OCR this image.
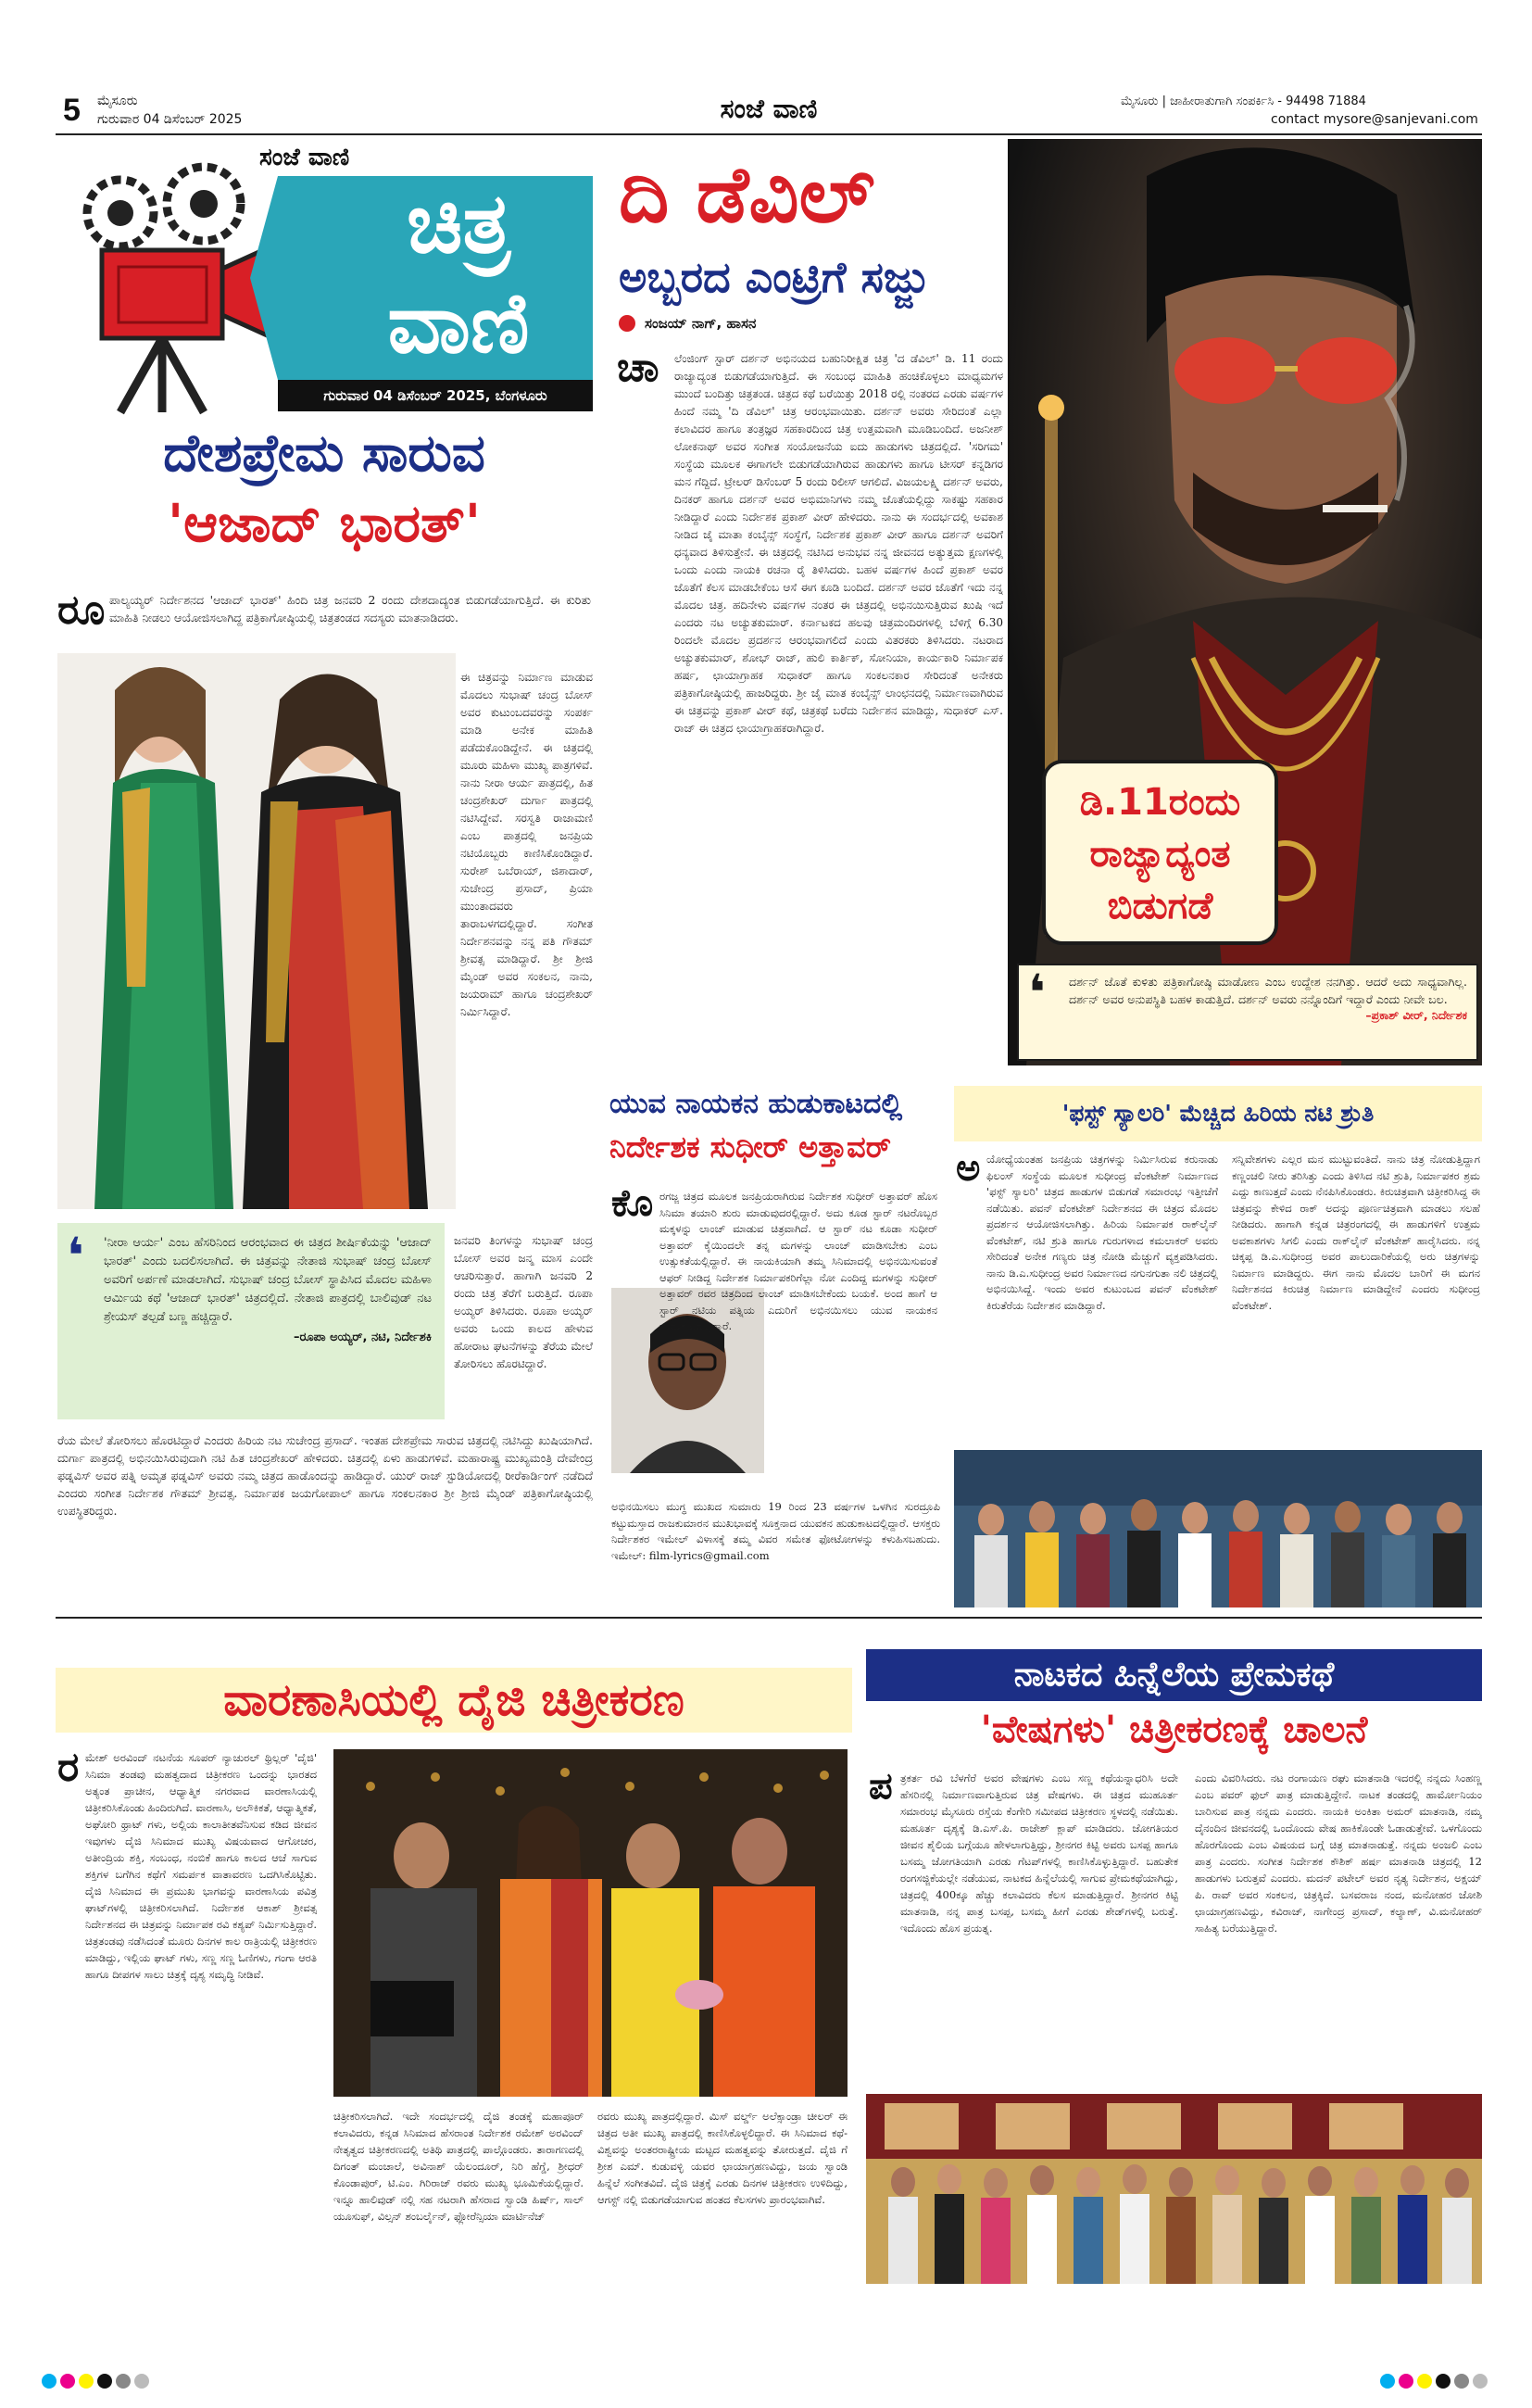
5 ಮೈಸೂರು
ಗುರುವಾರ 04 ಡಿಸೆಂಬರ್ 2025	ಸಂಜೆ ವಾಣಿ	ಮೈಸೂರು | ಜಾಹೀರಾತುಗಾಗಿ ಸಂಪರ್ಕಿಸಿ - 94498 71884
contact mysore@sanjevani.com
ಸಂಜೆ ವಾಣಿ
ಚಿತ್ರ
ವಾಣಿ
ಗುರುವಾರ 04 ಡಿಸೆಂಬರ್ 2025, ಬೆಂಗಳೂರು
ದೇಶಪ್ರೇಮ ಸಾರುವ
'ಆಜಾದ್ ಭಾರತ್'
ರೂ ಪಾಲ್ಯಯ್ಯರ್ ನಿರ್ದೇಶನದ 'ಆಜಾದ್ ಭಾರತ್' ಹಿಂದಿ ಚಿತ್ರ ಜನವರಿ 2 ರಂದು ದೇಶದಾದ್ಯಂತ ಬಿಡುಗಡೆಯಾಗುತ್ತಿದೆ. ಈ ಕುರಿತು ಮಾಹಿತಿ ನೀಡಲು ಆಯೋಜಿಸಲಾಗಿದ್ದ ಪತ್ರಿಕಾಗೋಷ್ಠಿಯಲ್ಲಿ ಚಿತ್ರತಂಡದ ಸದಸ್ಯರು ಮಾತನಾಡಿದರು.
ಈ ಚಿತ್ರವನ್ನು ನಿರ್ಮಾಣ ಮಾಡುವ ಮೊದಲು ಸುಭಾಷ್ ಚಂದ್ರ ಬೋಸ್ ಅವರ ಕುಟುಂಬದವರನ್ನು ಸಂಪರ್ಕ ಮಾಡಿ ಅನೇಕ ಮಾಹಿತಿ ಪಡೆದುಕೊಂಡಿದ್ದೇನೆ. ಈ ಚಿತ್ರದಲ್ಲಿ ಮೂರು ಮಹಿಳಾ ಮುಖ್ಯ ಪಾತ್ರಗಳಿವೆ. ನಾನು ನೀರಾ ಆರ್ಯ ಪಾತ್ರದಲ್ಲಿ, ಹಿತ ಚಂದ್ರಶೇಖರ್ ದುರ್ಗಾ ಪಾತ್ರದಲ್ಲಿ ನಟಿಸಿದ್ದೇವೆ. ಸರಸ್ವತಿ ರಾಜಾಮಣಿ ಎಂಬ ಪಾತ್ರದಲ್ಲಿ ಜನಪ್ರಿಯ ನಟಿಯೊಬ್ಬರು ಕಾಣಿಸಿಕೊಂಡಿದ್ದಾರೆ. ಸುರೇಶ್ ಒಬೆರಾಯ್, ಜಿಶಾದಾರ್, ಸುಚೇಂದ್ರ ಪ್ರಸಾದ್, ಪ್ರಿಯಾ ಮುಂತಾದವರು ತಾರಾಬಳಗದಲ್ಲಿದ್ದಾರೆ. ಸಂಗೀತ ನಿರ್ದೇಶನವನ್ನು ನನ್ನ ಪತಿ ಗೌತಮ್ ಶ್ರೀವತ್ಸ ಮಾಡಿದ್ದಾರೆ. ಶ್ರೀ ಶ್ರೀಜಿ ಮೈಂಡ್ ಅವರ ಸಂಕಲನ, ನಾನು, ಜಯರಾಮ್ ಹಾಗೂ ಚಂದ್ರಶೇಖರ್ ನಿರ್ಮಿಸಿದ್ದಾರೆ.
❛ 'ನೀರಾ ಆರ್ಯ' ಎಂಬ ಹೆಸರಿನಿಂದ ಆರಂಭವಾದ ಈ ಚಿತ್ರದ ಶೀರ್ಷಿಕೆಯನ್ನು 'ಆಜಾದ್ ಭಾರತ್' ಎಂದು ಬದಲಿಸಲಾಗಿದೆ. ಈ ಚಿತ್ರವನ್ನು ನೇತಾಜಿ ಸುಭಾಷ್ ಚಂದ್ರ ಬೋಸ್ ಅವರಿಗೆ ಅರ್ಪಣೆ ಮಾಡಲಾಗಿದೆ. ಸುಭಾಷ್ ಚಂದ್ರ ಬೋಸ್ ಸ್ಥಾಪಿಸಿದ ಮೊದಲ ಮಹಿಳಾ ಆರ್ಮಿಯ ಕಥೆ 'ಆಜಾದ್ ಭಾರತ್' ಚಿತ್ರದಲ್ಲಿದೆ. ನೇತಾಜಿ ಪಾತ್ರದಲ್ಲಿ ಬಾಲಿವುಡ್ ನಟ ಶ್ರೇಯಸ್ ತಲ್ಪಡೆ ಬಣ್ಣ ಹಚ್ಚಿದ್ದಾರೆ.
–ರೂಪಾ ಅಯ್ಯರ್, ನಟಿ, ನಿರ್ದೇಶಕಿ
ಜನವರಿ ತಿಂಗಳನ್ನು ಸುಭಾಷ್ ಚಂದ್ರ ಬೋಸ್ ಅವರ ಜನ್ಮ ಮಾಸ ಎಂದೇ ಆಚರಿಸುತ್ತಾರೆ. ಹಾಗಾಗಿ ಜನವರಿ 2 ರಂದು ಚಿತ್ರ ತೆರೆಗೆ ಬರುತ್ತಿದೆ. ರೂಪಾ ಅಯ್ಯರ್ ತಿಳಿಸಿದರು. ರೂಪಾ ಅಯ್ಯರ್ ಅವರು ಒಂದು ಕಾಲದ ಹೇಳುವ ಹೋರಾಟ ಘಟನೆಗಳನ್ನು ತೆರೆಯ ಮೇಲೆ ತೋರಿಸಲು ಹೊರಟಿದ್ದಾರೆ.
ರೆಯ ಮೇಲೆ ತೋರಿಸಲು ಹೊರಟಿದ್ದಾರೆ ಎಂದರು ಹಿರಿಯ ನಟ ಸುಚೇಂದ್ರ ಪ್ರಸಾದ್. ಇಂತಹ ದೇಶಪ್ರೇಮ ಸಾರುವ ಚಿತ್ರದಲ್ಲಿ ನಟಿಸಿದ್ದು ಖುಷಿಯಾಗಿದೆ. ದುರ್ಗಾ ಪಾತ್ರದಲ್ಲಿ ಅಭಿನಯಿಸಿರುವುದಾಗಿ ನಟಿ ಹಿತ ಚಂದ್ರಶೇಖರ್ ಹೇಳಿದರು. ಚಿತ್ರದಲ್ಲಿ ಏಳು ಹಾಡುಗಳಿವೆ. ಮಹಾರಾಷ್ಟ್ರ ಮುಖ್ಯಮಂತ್ರಿ ದೇವೇಂದ್ರ ಫಡ್ನವಿಸ್ ಅವರ ಪತ್ನಿ ಅಮೃತ ಫಡ್ನವಿಸ್ ಅವರು ನಮ್ಮ ಚಿತ್ರದ ಹಾಡೊಂದನ್ನು ಹಾಡಿದ್ದಾರೆ. ಯುರ್ ರಾಜ್ ಸ್ಟುಡಿಯೋದಲ್ಲಿ ರೀರೆಕಾರ್ಡಿಂಗ್ ನಡೆದಿದೆ ಎಂದರು ಸಂಗೀತ ನಿರ್ದೇಶಕ ಗೌತಮ್ ಶ್ರೀವತ್ಸ. ನಿರ್ಮಾಪಕ ಜಯಗೋಪಾಲ್ ಹಾಗೂ ಸಂಕಲನಕಾರ ಶ್ರೀ ಶ್ರೀಜಿ ಮೈಂಡ್ ಪತ್ರಿಕಾಗೋಷ್ಠಿಯಲ್ಲಿ ಉಪಸ್ಥಿತರಿದ್ದರು.
ದಿ ಡೆವಿಲ್
ಅಬ್ಬರದ ಎಂಟ್ರಿಗೆ ಸಜ್ಜು
ಸಂಜಯ್ ನಾಗ್, ಹಾಸನ
ಚಾ ಲೆಂಜಿಂಗ್ ಸ್ಟಾರ್ ದರ್ಶನ್ ಅಭಿನಯದ ಬಹುನಿರೀಕ್ಷಿತ ಚಿತ್ರ 'ದ ಡೆವಿಲ್' ಡಿ. 11 ರಂದು ರಾಜ್ಯಾದ್ಯಂತ ಬಿಡುಗಡೆಯಾಗುತ್ತಿದೆ. ಈ ಸಂಬಂಧ ಮಾಹಿತಿ ಹಂಚಿಕೊಳ್ಳಲು ಮಾಧ್ಯಮಗಳ ಮುಂದೆ ಬಂದಿತ್ತು ಚಿತ್ರತಂಡ. ಚಿತ್ರದ ಕಥೆ ಬರೆಯಿತ್ತು 2018 ರಲ್ಲಿ ನಂತರದ ಎರಡು ವರ್ಷಗಳ ಹಿಂದೆ ನಮ್ಮ 'ದಿ ಡೆವಿಲ್' ಚಿತ್ರ ಆರಂಭವಾಯಿತು. ದರ್ಶನ್ ಅವರು ಸೇರಿದಂತೆ ಎಲ್ಲಾ ಕಲಾವಿದರ ಹಾಗೂ ತಂತ್ರಜ್ಞರ ಸಹಕಾರದಿಂದ ಚಿತ್ರ ಉತ್ತಮವಾಗಿ ಮೂಡಿಬಂದಿದೆ. ಅಜನೀಶ್ ಲೋಕನಾಥ್ ಅವರ ಸಂಗೀತ ಸಂಯೋಜನೆಯ ಐದು ಹಾಡುಗಳು ಚಿತ್ರದಲ್ಲಿದೆ. 'ಸರಿಗಮ' ಸಂಸ್ಥೆಯ ಮೂಲಕ ಈಗಾಗಲೇ ಬಿಡುಗಡೆಯಾಗಿರುವ ಹಾಡುಗಳು ಹಾಗೂ ಟೀಸರ್ ಕನ್ನಡಿಗರ ಮನ ಗೆದ್ದಿದೆ. ಟ್ರೇಲರ್ ಡಿಸೆಂಬರ್ 5 ರಂದು ರಿಲೀಸ್ ಆಗಲಿದೆ. ವಿಜಯಲಕ್ಷ್ಮಿ ದರ್ಶನ್ ಅವರು, ದಿನಕರ್ ಹಾಗೂ ದರ್ಶನ್ ಅವರ ಅಭಿಮಾನಿಗಳು ನಮ್ಮ ಜೊತೆಯಲ್ಲಿದ್ದು ಸಾಕಷ್ಟು ಸಹಕಾರ ನೀಡಿದ್ದಾರೆ ಎಂದು ನಿರ್ದೇಶಕ ಪ್ರಕಾಶ್ ವೀರ್ ಹೇಳಿದರು. ನಾನು ಈ ಸಂದರ್ಭದಲ್ಲಿ ಅವಕಾಶ ನೀಡಿದ ಜೈ ಮಾತಾ ಕಂಬೈನ್ಸ್ ಸಂಸ್ಥೆಗೆ, ನಿರ್ದೇಶಕ ಪ್ರಕಾಶ್ ವೀರ್ ಹಾಗೂ ದರ್ಶನ್ ಅವರಿಗೆ ಧನ್ಯವಾದ ತಿಳಿಸುತ್ತೇನೆ. ಈ ಚಿತ್ರದಲ್ಲಿ ನಟಿಸಿದ ಅನುಭವ ನನ್ನ ಜೀವನದ ಅತ್ಯುತ್ತಮ ಕ್ಷಣಗಳಲ್ಲಿ ಒಂದು ಎಂದು ನಾಯಕಿ ರಚನಾ ರೈ ತಿಳಿಸಿದರು. ಬಹಳ ವರ್ಷಗಳ ಹಿಂದೆ ಪ್ರಕಾಶ್ ಅವರ ಜೊತೆಗೆ ಕೆಲಸ ಮಾಡಬೇಕೆಂಬ ಆಸೆ ಈಗ ಕೂಡಿ ಬಂದಿದೆ. ದರ್ಶನ್ ಅವರ ಜೊತೆಗೆ ಇದು ನನ್ನ ಮೊದಲ ಚಿತ್ರ. ಹದಿನೇಳು ವರ್ಷಗಳ ನಂತರ ಈ ಚಿತ್ರದಲ್ಲಿ ಅಭಿನಯಿಸುತ್ತಿರುವ ಖುಷಿ ಇದೆ ಎಂದರು ನಟ ಅಚ್ಯುತಕುಮಾರ್. ಕರ್ನಾಟಕದ ಹಲವು ಚಿತ್ರಮಂದಿರಗಳಲ್ಲಿ ಬೆಳಿಗ್ಗೆ 6.30 ರಿಂದಲೇ ಮೊದಲ ಪ್ರದರ್ಶನ ಆರಂಭವಾಗಲಿದೆ ಎಂದು ವಿತರಕರು ತಿಳಿಸಿದರು. ನಟರಾದ ಅಚ್ಯುತಕುಮಾರ್, ಶೋಭ್ ರಾಜ್, ಹುಲಿ ಕಾರ್ತಿಕ್, ಸೋನಿಯಾ, ಕಾರ್ಯಕಾರಿ ನಿರ್ಮಾಪಕ ಹರ್ಷ, ಛಾಯಾಗ್ರಾಹಕ ಸುಧಾಕರ್ ಹಾಗೂ ಸಂಕಲನಕಾರ ಸೇರಿದಂತೆ ಅನೇಕರು ಪತ್ರಿಕಾಗೋಷ್ಠಿಯಲ್ಲಿ ಹಾಜರಿದ್ದರು. ಶ್ರೀ ಜೈ ಮಾತ ಕಂಬೈನ್ಸ್ ಲಾಂಛನದಲ್ಲಿ ನಿರ್ಮಾಣವಾಗಿರುವ ಈ ಚಿತ್ರವನ್ನು ಪ್ರಕಾಶ್ ವೀರ್ ಕಥೆ, ಚಿತ್ರಕಥೆ ಬರೆದು ನಿರ್ದೇಶನ ಮಾಡಿದ್ದು, ಸುಧಾಕರ್ ಎಸ್. ರಾಜ್ ಈ ಚಿತ್ರದ ಛಾಯಾಗ್ರಾಹಕರಾಗಿದ್ದಾರೆ.
ಡಿ.11ರಂದು
ರಾಜ್ಯಾದ್ಯಂತ
ಬಿಡುಗಡೆ
❛ ದರ್ಶನ್ ಜೊತೆ ಕುಳಿತು ಪತ್ರಿಕಾಗೋಷ್ಠಿ ಮಾಡೋಣ ಎಂಬ ಉದ್ದೇಶ ನನಗಿತ್ತು. ಆದರೆ ಅದು ಸಾಧ್ಯವಾಗಿಲ್ಲ. ದರ್ಶನ್ ಅವರ ಅನುಪಸ್ಥಿತಿ ಬಹಳ ಕಾಡುತ್ತಿದೆ. ದರ್ಶನ್ ಅವರು ನನ್ನೊಂದಿಗೆ ಇದ್ದಾರೆ ಎಂದು ನೀವೇ ಬಲ.
–ಪ್ರಕಾಶ್ ವೀರ್, ನಿರ್ದೇಶಕ
ಯುವ ನಾಯಕನ ಹುಡುಕಾಟದಲ್ಲಿ
ನಿರ್ದೇಶಕ ಸುಧೀರ್ ಅತ್ತಾವರ್
ಕೊ ರಗಜ್ಜ ಚಿತ್ರದ ಮೂಲಕ ಜನಪ್ರಿಯರಾಗಿರುವ ನಿರ್ದೇಶಕ ಸುಧೀರ್ ಅತ್ತಾವರ್ ಹೊಸ ಸಿನಿಮಾ ತಯಾರಿ ಶುರು ಮಾಡುವುದರಲ್ಲಿದ್ದಾರೆ. ಅದು ಕೂಡ ಸ್ಟಾರ್ ನಟರೊಬ್ಬರ ಮಕ್ಕಳನ್ನು ಲಾಂಚ್ ಮಾಡುವ ಚಿತ್ರವಾಗಿದೆ. ಆ ಸ್ಟಾರ್ ನಟ ಕೂಡಾ ಸುಧೀರ್ ಅತ್ತಾವರ್ ಕೈಯಿಂದಲೇ ತನ್ನ ಮಗಳನ್ನು ಲಾಂಚ್ ಮಾಡಿಸಬೇಕು ಎಂಬ ಉತ್ಸುಕತೆಯಲ್ಲಿದ್ದಾರೆ. ಈ ನಾಯಕಿಯಾಗಿ ತಮ್ಮ ಸಿನಿಮಾದಲ್ಲಿ ಅಭಿನಯಿಸುವಂತೆ ಆಫರ್ ನೀಡಿದ್ದ ನಿರ್ದೇಶಕ ನಿರ್ಮಾಪಕರಿಗೆಲ್ಲಾ ನೋ ಎಂದಿದ್ದ ಮಗಳನ್ನು ಸುಧೀರ್ ಅತ್ತಾವರ್ ರವರ ಚಿತ್ರದಿಂದ ಲಾಂಚ್ ಮಾಡಿಸಬೇಕೆಂದು ಬಯಕೆ. ಅಂದ ಹಾಗೆ ಆ ಸ್ಟಾರ್ ನಟಿಯ ಪತ್ನಿಯ ಎದುರಿಗೆ ಅಭಿನಯಿಸಲು ಯುವ ನಾಯಕನ ಹುಡುಕಾಟದಲ್ಲಿದ್ದಾರೆ.
ಅಭಿನಯಿಸಲು ಮುಗ್ಧ ಮುಖದ ಸುಮಾರು 19 ರಿಂದ 23 ವರ್ಷಗಳ ಒಳಗಿನ ಸುರದ್ರೂಪಿ ಕಟ್ಟುಮಸ್ತಾದ ರಾಜಕುಮಾರನ ಮುಖಭಾವಕ್ಕೆ ಸೂಕ್ತನಾದ ಯುವಕನ ಹುಡುಕಾಟದಲ್ಲಿದ್ದಾರೆ. ಆಸಕ್ತರು ನಿರ್ದೇಶಕರ ಇಮೇಲ್ ವಿಳಾಸಕ್ಕೆ ತಮ್ಮ ವಿವರ ಸಮೇತ ಫೋಟೋಗಳನ್ನು ಕಳುಹಿಸಬಹುದು. ಇಮೇಲ್: film-lyrics@gmail.com
'ಫಸ್ಟ್ ಸ್ಯಾಲರಿ' ಮೆಚ್ಚಿದ ಹಿರಿಯ ನಟಿ ಶ್ರುತಿ
ಅ ಯೋಧ್ಯೆಯಂತಹ ಜನಪ್ರಿಯ ಚಿತ್ರಗಳನ್ನು ನಿರ್ಮಿಸಿರುವ ಕರುನಾಡು ಫಿಲಂಸ್ ಸಂಸ್ಥೆಯ ಮೂಲಕ ಸುಧೀಂದ್ರ ವೆಂಕಟೇಶ್ ನಿರ್ಮಾಣದ 'ಫಸ್ಟ್ ಸ್ಯಾಲರಿ' ಚಿತ್ರದ ಹಾಡುಗಳ ಬಿಡುಗಡೆ ಸಮಾರಂಭ ಇತ್ತೀಚೆಗೆ ನಡೆಯಿತು. ಪವನ್ ವೆಂಕಟೇಶ್ ನಿರ್ದೇಶನದ ಈ ಚಿತ್ರದ ಮೊದಲ ಪ್ರದರ್ಶನ ಆಯೋಜಿಸಲಾಗಿತ್ತು. ಹಿರಿಯ ನಿರ್ಮಾಪಕ ರಾಕ್‌ಲೈನ್ ವೆಂಕಟೇಶ್, ನಟಿ ಶ್ರುತಿ ಹಾಗೂ ಗುರುಗಳಾದ ಕಮಲಾಕರ್ ಅವರು ಸೇರಿದಂತೆ ಅನೇಕ ಗಣ್ಯರು ಚಿತ್ರ ನೋಡಿ ಮೆಚ್ಚುಗೆ ವ್ಯಕ್ತಪಡಿಸಿದರು. ನಾನು ಡಿ.ಎ.ಸುಧೀಂದ್ರ ಅವರ ನಿರ್ಮಾಣದ ನಗುನಗುತಾ ನಲಿ ಚಿತ್ರದಲ್ಲಿ ಅಭಿನಯಿಸಿದ್ದೆ. ಇಂದು ಅವರ ಕುಟುಂಬದ ಪವನ್ ವೆಂಕಟೇಶ್ ಕಿರುತೆರೆಯ ನಿರ್ದೇಶನ ಮಾಡಿದ್ದಾರೆ.
ಸನ್ನಿವೇಶಗಳು ಎಲ್ಲರ ಮನ ಮುಟ್ಟುವಂತಿದೆ. ನಾನು ಚಿತ್ರ ನೋಡುತ್ತಿದ್ದಾಗ ಕಣ್ಣಂಚಲಿ ನೀರು ತರಿಸಿತ್ತು ಎಂದು ತಿಳಿಸಿದ ನಟಿ ಶ್ರುತಿ, ನಿರ್ಮಾಪಕರ ಶ್ರಮ ಎದ್ದು ಕಾಣುತ್ತದೆ ಎಂದು ನೆನಪಿಸಿಕೊಂಡರು. ಕಿರುಚಿತ್ರವಾಗಿ ಚಿತ್ರೀಕರಿಸಿದ್ದ ಈ ಚಿತ್ರವನ್ನು ಕೇಳಿದ ರಾಕ್ ಅದನ್ನು ಪೂರ್ಣಚಿತ್ರವಾಗಿ ಮಾಡಲು ಸಲಹೆ ನೀಡಿದರು. ಹಾಗಾಗಿ ಕನ್ನಡ ಚಿತ್ರರಂಗದಲ್ಲಿ ಈ ಹಾಡುಗಳಿಗೆ ಉತ್ತಮ ಅವಕಾಶಗಳು ಸಿಗಲಿ ಎಂದು ರಾಕ್‌ಲೈನ್ ವೆಂಕಟೇಶ್ ಹಾರೈಸಿದರು. ನನ್ನ ಚಿಕ್ಕಪ್ಪ ಡಿ.ಎ.ಸುಧೀಂದ್ರ ಅವರ ಪಾಲುದಾರಿಕೆಯಲ್ಲಿ ಅರು ಚಿತ್ರಗಳನ್ನು ನಿರ್ಮಾಣ ಮಾಡಿದ್ದರು. ಈಗ ನಾನು ಮೊದಲ ಬಾರಿಗೆ ಈ ಮಗನ ನಿರ್ದೇಶನದ ಕಿರುಚಿತ್ರ ನಿರ್ಮಾಣ ಮಾಡಿದ್ದೇನೆ ಎಂದರು ಸುಧೀಂದ್ರ ವೆಂಕಟೇಶ್.
ವಾರಣಾಸಿಯಲ್ಲಿ ದೈಜಿ ಚಿತ್ರೀಕರಣ
ರ ಮೇಶ್ ಅರವಿಂದ್ ನಟನೆಯ ಸೂಪರ್ ನ್ಯಾಚುರಲ್ ಥ್ರಿಲ್ಲರ್ 'ದೈಜಿ' ಸಿನಿಮಾ ತಂಡವು ಮಹತ್ವದಾದ ಚಿತ್ರೀಕರಣ ಒಂದನ್ನು ಭಾರತದ ಅತ್ಯಂತ ಪ್ರಾಚೀನ, ಆಧ್ಯಾತ್ಮಿಕ ನಗರವಾದ ವಾರಣಾಸಿಯಲ್ಲಿ ಚಿತ್ರೀಕರಿಸಿಕೊಂಡು ಹಿಂದಿರುಗಿದೆ. ವಾರಣಾಸಿ, ಅಲೌಕಿಕತೆ, ಆಧ್ಯಾತ್ಮಿಕತೆ, ಅಘೋರಿ ಥ್ರಾಟ್ ಗಳು, ಅಲ್ಲಿಯ ಕಾಲಾತೀತವೆನಿಸುವ ಕಡಿದ ಜೀವನ ಇವುಗಳು ದೈಜಿ ಸಿನಿಮಾದ ಮುಖ್ಯ ವಿಷಯವಾದ ಆಗೋಚರ, ಅತೀಂದ್ರಿಯ ಶಕ್ತಿ, ಸಂಬಂಧ, ನಂಬಿಕೆ ಹಾಗೂ ಕಾಲದ ಆಚೆ ಸಾಗುವ ಶಕ್ತಿಗಳ ಬಗೆಗಿನ ಕಥೆಗೆ ಸಮರ್ಪಕ ವಾತಾವರಣ ಒದಗಿಸಿಕೊಟ್ಟಿತು. ದೈಜಿ ಸಿನಿಮಾದ ಈ ಪ್ರಮುಖ ಭಾಗವನ್ನು ವಾರಣಾಸಿಯ ಪವಿತ್ರ ಘಾಟ್‌ಗಳಲ್ಲಿ ಚಿತ್ರೀಕರಿಸಲಾಗಿದೆ. ನಿರ್ದೇಶಕ ಆಕಾಶ್ ಶ್ರೀವತ್ಸ ನಿರ್ದೇಶನದ ಈ ಚಿತ್ರವನ್ನು ನಿರ್ಮಾಪಕ ರವಿ ಕಶ್ಯಪ್ ನಿರ್ಮಿಸುತ್ತಿದ್ದಾರೆ. ಚಿತ್ರತಂಡವು ನಡೆಸಿದಂತೆ ಮೂರು ದಿನಗಳ ಕಾಲ ರಾತ್ರಿಯಲ್ಲಿ ಚಿತ್ರೀಕರಣ ಮಾಡಿದ್ದು, ಇಲ್ಲಿಯ ಘಾಟ್ ಗಳು, ಸಣ್ಣ ಸಣ್ಣ ಓಣಿಗಳು, ಗಂಗಾ ಆರತಿ ಹಾಗೂ ದೀಪಗಳ ಸಾಲು ಚಿತ್ರಕ್ಕೆ ದೃಶ್ಯ ಸಮೃದ್ಧಿ ನೀಡಿವೆ.
ಚಿತ್ರೀಕರಿಸಲಾಗಿದೆ. ಇದೇ ಸಂದರ್ಭದಲ್ಲಿ ದೈಜಿ ತಂಡಕ್ಕೆ ಮಹಾಪೂರ್ ಕಲಾವಿದರು, ಕನ್ನಡ ಸಿನಿಮಾದ ಹೆಸರಾಂತ ನಿರ್ದೇಶಕ ರಮೇಶ್ ಅರವಿಂದ್ ನೇತೃತ್ವದ ಚಿತ್ರೀಕರಣದಲ್ಲಿ ಅತಿಥಿ ಪಾತ್ರದಲ್ಲಿ ಪಾಲ್ಗೊಂಡರು. ತಾರಾಗಣದಲ್ಲಿ ದಿಗಂತ್ ಮಂಚಾಲೆ, ಅವಿನಾಶ್ ಯೆಲಂದೂರ್, ನಿರಿ ಹೆಗ್ಡೆ, ಶ್ರೀಧರ್ ಕೊಂಡಾಪುರ್, ಟಿ.ಎಂ. ಗಿರಿರಾಜ್ ರವರು ಮುಖ್ಯ ಭೂಮಿಕೆಯಲ್ಲಿದ್ದಾರೆ. ಇನ್ನೂ ಹಾಲಿವುಡ್ ನಲ್ಲಿ ಸಹ ನಟರಾಗಿ ಹೆಸರಾದ ಸ್ವಾಂಡಿ ಹಿರ್ಷ್, ಸಾಲ್ ಯೂಸುಫ್, ವಿಲ್ಸನ್ ಶಂಬರ್ಲೈನ್, ಫ್ಲೋರೆನ್ಸಿಯಾ ಮಾರ್ಟಿನೆಜ್
ರವರು ಮುಖ್ಯ ಪಾತ್ರದಲ್ಲಿದ್ದಾರೆ. ಮಿಸ್ ವರ್ಲ್ಡ್ ಅಲೆಕ್ಸಾಂಡ್ರಾ ಚೀಲರ್ ಈ ಚಿತ್ರದ ಅತೀ ಮುಖ್ಯ ಪಾತ್ರದಲ್ಲಿ ಕಾಣಿಸಿಕೊಳ್ಳಲಿದ್ದಾರೆ. ಈ ಸಿನಿಮಾದ ಕಥೆ-ವಿಶ್ವವನ್ನು ಅಂತರರಾಷ್ಟ್ರೀಯ ಮಟ್ಟದ ಮಹತ್ವವನ್ನು ತೋರುತ್ತದೆ. ದೈಜಿ ಗೆ ಶ್ರೀಶ ಎಮ್. ಕುಡುವಳ್ಳಿ ಯವರ ಛಾಯಾಗ್ರಹಣವಿದ್ದು, ಜಯ ಸ್ವಾಂಡಿ ಹಿನ್ನೆಲೆ ಸಂಗೀತವಿದೆ. ದೈಜಿ ಚಿತ್ರಕ್ಕೆ ಎರಡು ದಿನಗಳ ಚಿತ್ರೀಕರಣ ಉಳಿದಿದ್ದು, ಆಗಸ್ಟ್ ನಲ್ಲಿ ಬಿಡುಗಡೆಯಾಗುವ ಹಂತದ ಕೆಲಸಗಳು ಪ್ರಾರಂಭವಾಗಿವೆ.
ನಾಟಕದ ಹಿನ್ನೆಲೆಯ ಪ್ರೇಮಕಥೆ
'ವೇಷಗಳು' ಚಿತ್ರೀಕರಣಕ್ಕೆ ಚಾಲನೆ
ಪ ತ್ರಕರ್ತ ರವಿ ಬೆಳಗೆರೆ ಅವರ ವೇಷಗಳು ಎಂಬ ಸಣ್ಣ ಕಥೆಯನ್ನಾಧರಿಸಿ ಅದೇ ಹೆಸರಿನಲ್ಲಿ ನಿರ್ಮಾಣವಾಗುತ್ತಿರುವ ಚಿತ್ರ ವೇಷಗಳು. ಈ ಚಿತ್ರದ ಮುಹೂರ್ತ ಸಮಾರಂಭ ಮೈಸೂರು ರಸ್ತೆಯ ಕೆಂಗೇರಿ ಸಮೀಪದ ಚಿತ್ರೀಕರಣ ಸ್ಥಳದಲ್ಲಿ ನಡೆಯಿತು. ಮಹೂರ್ತ ದೃಶ್ಯಕ್ಕೆ ಡಿ.ಎಸ್.ಪಿ. ರಾಜೇಶ್ ಕ್ಲಾಪ್ ಮಾಡಿದರು. ಜೋಗತಿಯರ ಜೀವನ ಶೈಲಿಯ ಬಗ್ಗೆಯೂ ಹೇಳಲಾಗುತ್ತಿದ್ದು, ಶ್ರೀನಗರ ಕಿಟ್ಟಿ ಅವರು ಬಸಪ್ಪ ಹಾಗೂ ಬಸಮ್ಮ ಜೋಗತಿಯಾಗಿ ಎರಡು ಗೆಟಪ್‌ಗಳಲ್ಲಿ ಕಾಣಿಸಿಕೊಳ್ಳುತ್ತಿದ್ದಾರೆ. ಬಹುತೇಕ ರಂಗಸಜ್ಜಿಕೆಯಲ್ಲೇ ನಡೆಯುವ, ನಾಟಕದ ಹಿನ್ನೆಲೆಯಲ್ಲಿ ಸಾಗುವ ಪ್ರೇಮಕಥೆಯಾಗಿದ್ದು, ಚಿತ್ರದಲ್ಲಿ 400ಕ್ಕೂ ಹೆಚ್ಚು ಕಲಾವಿದರು ಕೆಲಸ ಮಾಡುತ್ತಿದ್ದಾರೆ. ಶ್ರೀನಗರ ಕಿಟ್ಟಿ ಮಾತನಾಡಿ, ನನ್ನ ಪಾತ್ರ ಬಸಪ್ಪ, ಬಸಮ್ಮ ಹೀಗೆ ಎರಡು ಶೇಡ್‌ಗಳಲ್ಲಿ ಬರುತ್ತೆ. ಇದೊಂದು ಹೊಸ ಪ್ರಯತ್ನ.
ಎಂದು ವಿವರಿಸಿದರು. ನಟ ರಂಗಾಯಣ ರಘು ಮಾತನಾಡಿ ಇದರಲ್ಲಿ ನನ್ನದು ಸಿಂಹಣ್ಣ ಎಂಬ ಪವರ್ ಫುಲ್ ಪಾತ್ರ ಮಾಡುತ್ತಿದ್ದೇನೆ. ನಾಟಕ ತಂಡದಲ್ಲಿ ಹಾರ್ಮೋನಿಯಂ ಬಾರಿಸುವ ಪಾತ್ರ ನನ್ನದು ಎಂದರು. ನಾಯಕಿ ಅಂಕಿತಾ ಅಮರ್ ಮಾತನಾಡಿ, ನಮ್ಮ ದೈನಂದಿನ ಜೀವನದಲ್ಲಿ ಒಂದೊಂದು ವೇಷ ಹಾಕಿಕೊಂಡೇ ಓಡಾಡುತ್ತೇವೆ. ಒಳಗೊಂದು ಹೊರಗೊಂದು ಎಂಬ ವಿಷಯದ ಬಗ್ಗೆ ಚಿತ್ರ ಮಾತನಾಡುತ್ತೆ. ನನ್ನದು ಅಂಜಲಿ ಎಂಬ ಪಾತ್ರ ಎಂದರು. ಸಂಗೀತ ನಿರ್ದೇಶಕ ಕೌಶಿಕ್ ಹರ್ಷ ಮಾತನಾಡಿ ಚಿತ್ರದಲ್ಲಿ 12 ಹಾಡುಗಳು ಬರುತ್ತವೆ ಎಂದರು. ಮದನ್ ಪಟೇಲ್ ಅವರ ನೃತ್ಯ ನಿರ್ದೇಶನ, ಅಕ್ಷಯ್ ಪಿ. ರಾವ್ ಅವರ ಸಂಕಲನ, ಚಿತ್ರಕ್ಕಿದೆ. ಬಸವರಾಜ ನಂದ, ಮನೋಹರ ಜೋಶಿ ಛಾಯಾಗ್ರಹಣವಿದ್ದು, ಕವಿರಾಜ್, ನಾಗೇಂದ್ರ ಪ್ರಸಾದ್, ಕಲ್ಯಾಣ್, ವಿ.ಮನೋಹರ್ ಸಾಹಿತ್ಯ ಬರೆಯುತ್ತಿದ್ದಾರೆ.
